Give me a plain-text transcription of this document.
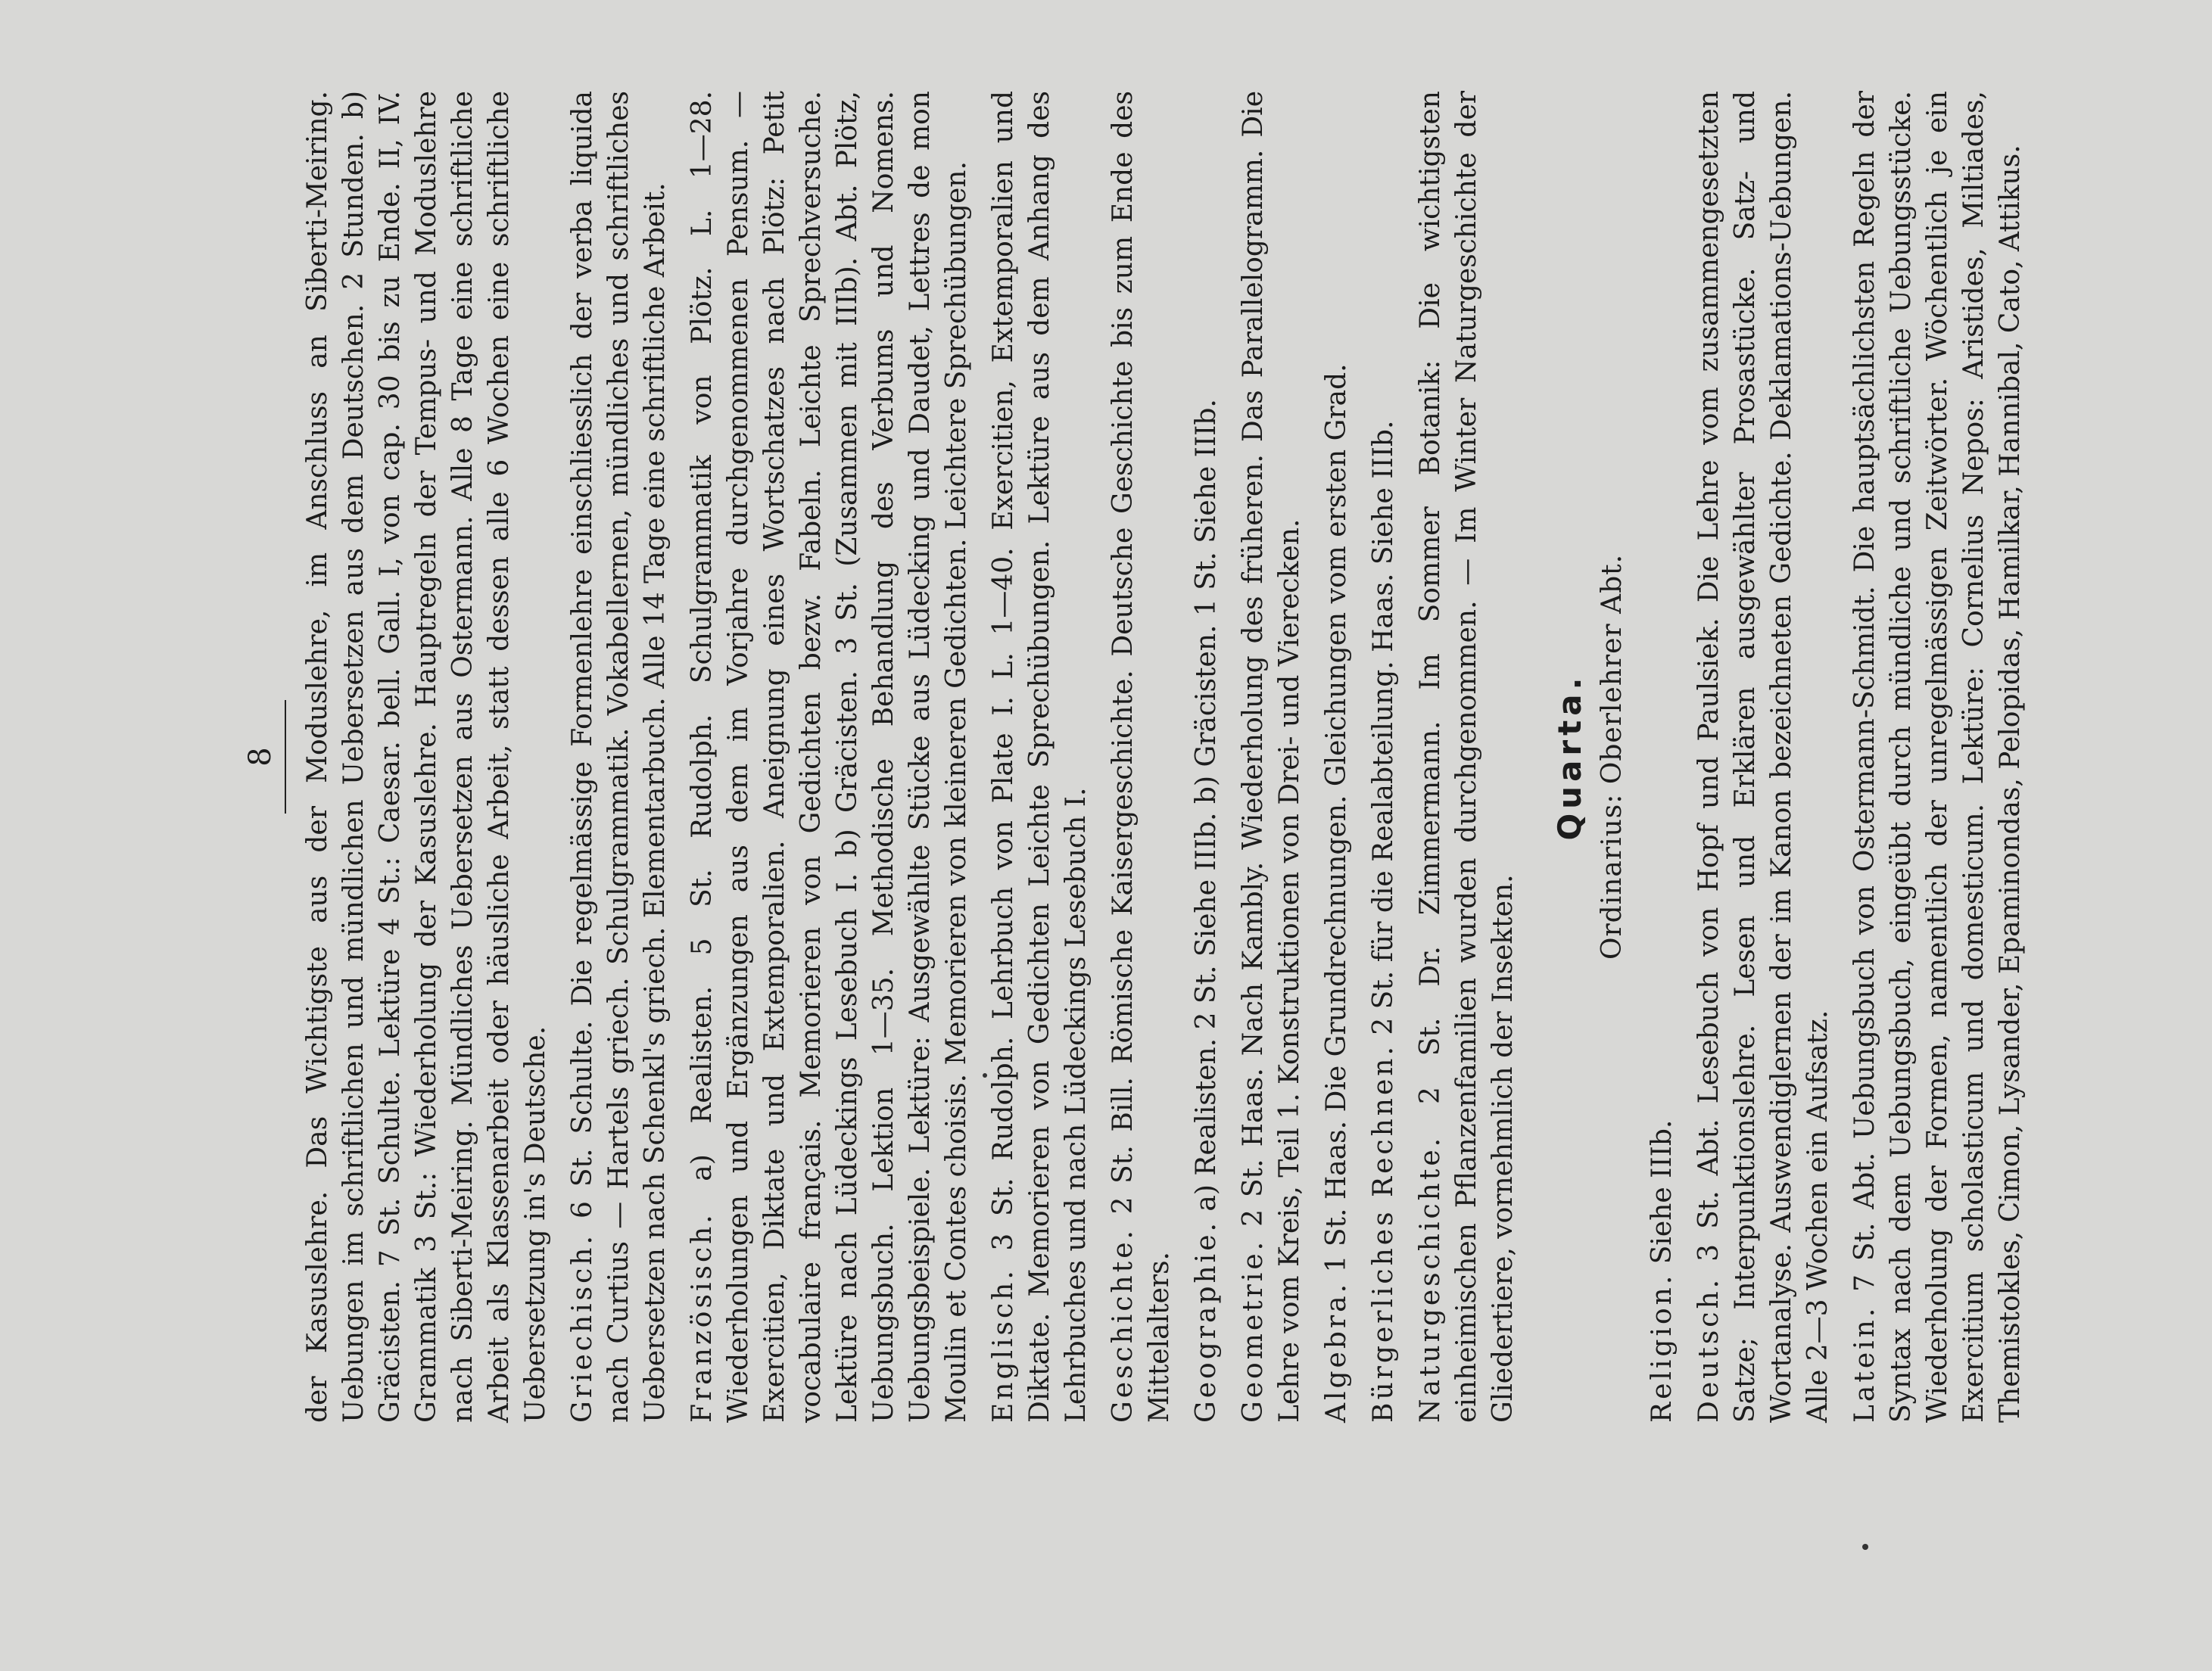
8 der Kasuslehre. Das Wichtigste aus der Moduslehre, im Anschluss an Siberti-Meiring. Uebungen im schriftlichen und mündlichen Uebersetzen aus dem Deutschen. 2 Stunden. b) Gräcisten. 7 St. Schulte. Lektüre 4 St.: Caesar. bell. Gall. I, von cap. 30 bis zu Ende. II, IV. Grammatik 3 St.: Wiederholung der Kasuslehre. Hauptregeln der Tempus- und Moduslehre nach Siberti-Meiring. Mündliches Uebersetzen aus Ostermann. Alle 8 Tage eine schriftliche Arbeit als Klassenarbeit oder häusliche Arbeit, statt dessen alle 6 Wochen eine schriftliche Uebersetzung in's Deutsche. Griechisch. 6 St. Schulte. Die regelmässige Formenlehre einschliesslich der verba liquida nach Curtius — Hartels griech. Schulgrammatik. Vokabellernen, mündliches und schriftliches Uebersetzen nach Schenkl's griech. Elementarbuch. Alle 14 Tage eine schriftliche Arbeit. Französisch. a) Realisten. 5 St. Rudolph. Schulgrammatik von Plötz. L. 1—28. Wiederholungen und Ergänzungen aus dem im Vorjahre durchgenommenen Pensum. — Exercitien, Diktate und Extemporalien. Aneignung eines Wortschatzes nach Plötz: Petit vocabulaire français. Memorieren von Gedichten bezw. Fabeln. Leichte Sprechversuche. Lektüre nach Lüdeckings Lesebuch I. b) Gräcisten. 3 St. (Zusammen mit IIIb). Abt. Plötz, Uebungsbuch. Lektion 1—35. Methodische Behandlung des Verbums und Nomens. Uebungsbeispiele. Lektüre: Ausgewählte Stücke aus Lüdecking und Daudet, Lettres de mon Moulin et Contes choisis. Memorieren von kleineren Gedichten. Leichtere Sprechübungen. Englisch. 3 St. Rudolph. Lehrbuch von Plate I. L. 1—40. Exercitien, Extemporalien und Diktate. Memorieren von Gedichten Leichte Sprechübungen. Lektüre aus dem Anhang des Lehrbuches und nach Lüdeckings Lesebuch I. Geschichte. 2 St. Bill. Römische Kaisergeschichte. Deutsche Geschichte bis zum Ende des Mittelalters. Geographie. a) Realisten. 2 St. Siehe IIIb. b) Gräcisten. 1 St. Siehe IIIb.

Geometrie. 2 St. Haas. Nach Kambly. Wiederholung des früheren. Das Parallelogramm. Die Lehre vom Kreis, Teil 1. Konstruktionen von Drei- und Vierecken. Algebra. 1 St. Haas. Die Grundrechnungen. Gleichungen vom ersten Grad. Bürgerliches Rechnen. 2 St. für die Realabteilung. Haas. Siehe IIIb.

Naturgeschichte. 2 St. Dr. Zimmermann. Im Sommer Botanik: Die wichtigsten einheimischen Pflanzenfamilien wurden durchgenommen. — Im Winter Naturgeschichte der Gliedertiere, vornehmlich der Insekten.

Quarta. Ordinarius: Oberlehrer Abt.

Religion. Siehe IIIb.

Deutsch. 3 St. Abt. Lesebuch von Hopf und Paulsiek. Die Lehre vom zusammengesetzten Satze; Interpunktionslehre. Lesen und Erklären ausgewählter Prosastücke. Satz- und Wortanalyse. Auswendiglernen der im Kanon bezeichneten Gedichte. Deklamations-Uebungen. Alle 2—3 Wochen ein Aufsatz. Latein. 7 St. Abt. Uebungsbuch von Ostermann-Schmidt. Die hauptsächlichsten Regeln der Syntax nach dem Uebungsbuch, eingeübt durch mündliche und schriftliche Uebungsstücke. Wiederholung der Formen, namentlich der unregelmässigen Zeitwörter. Wöchentlich je ein Exercitium scholasticum und domesticum. Lektüre: Cornelius Nepos: Aristides, Miltiades, Themistokles, Cimon, Lysander, Epaminondas, Pelopidas, Hamilkar, Hannibal, Cato, Attikus.
